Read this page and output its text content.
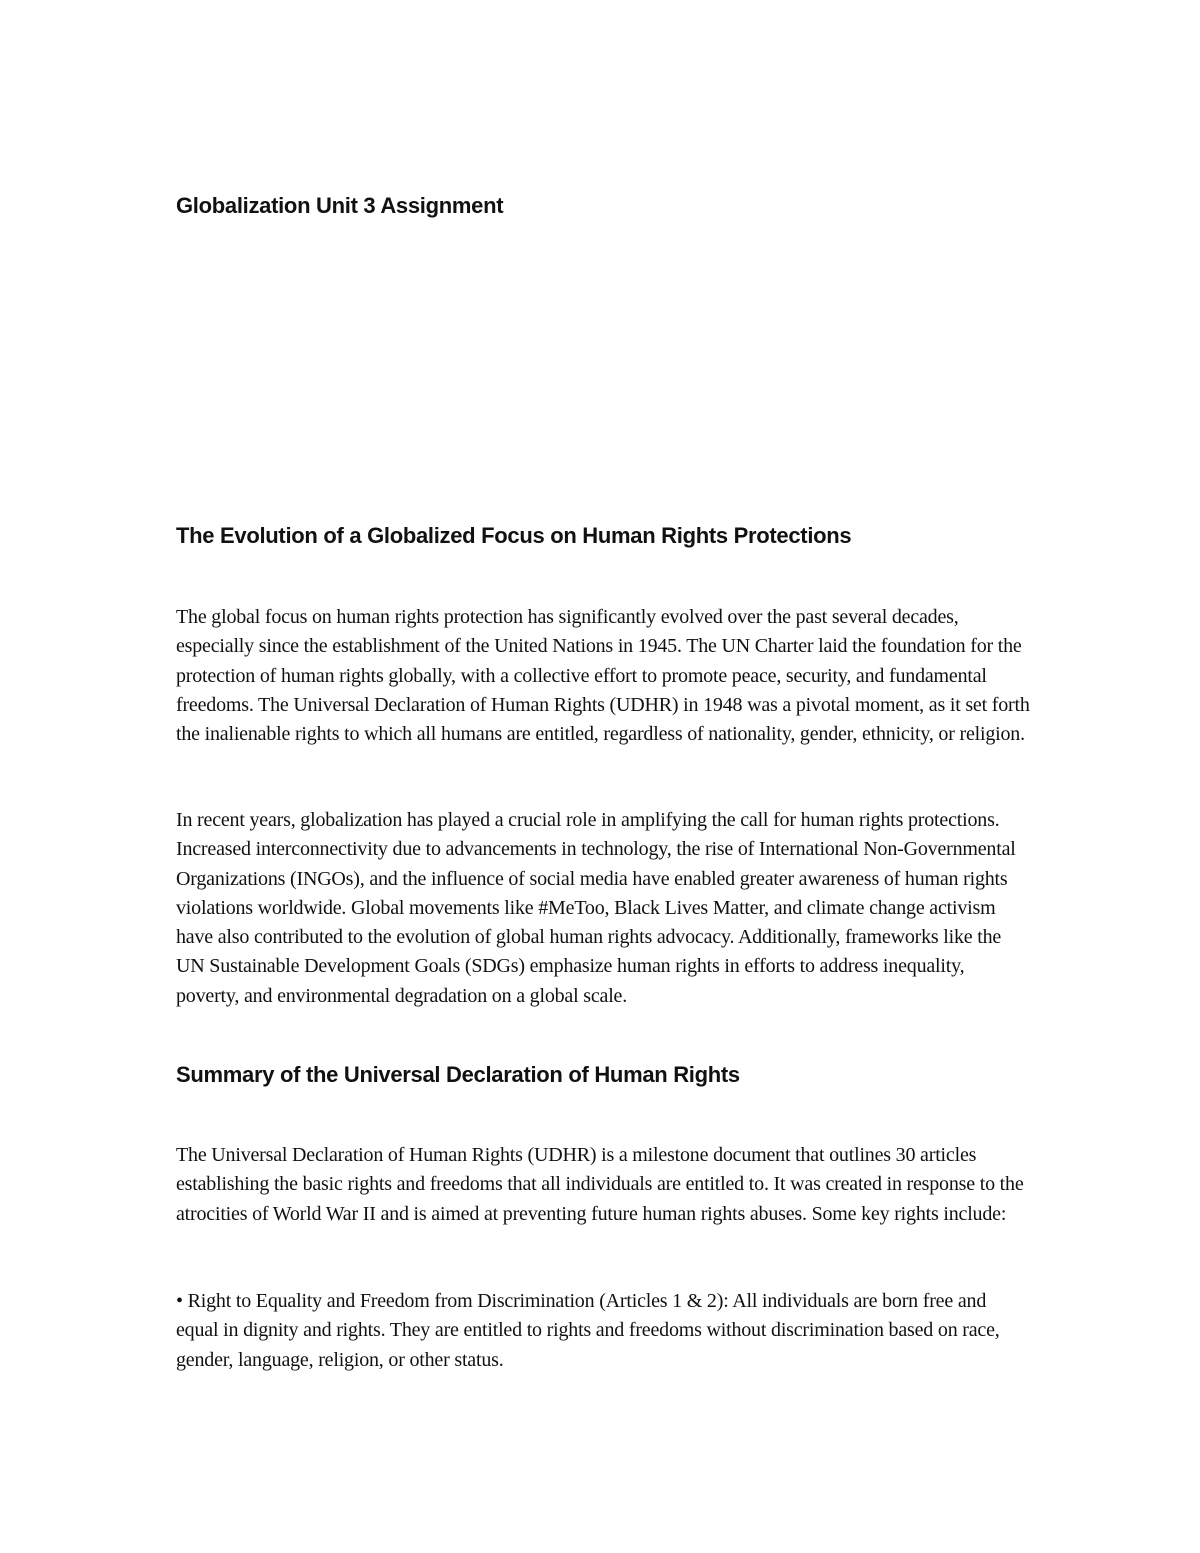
Globalization Unit 3 Assignment
The Evolution of a Globalized Focus on Human Rights Protections

The global focus on human rights protection has significantly evolved over the past several decades, especially since the establishment of the United Nations in 1945. The UN Charter laid the foundation for the protection of human rights globally, with a collective effort to promote peace, security, and fundamental freedoms. The Universal Declaration of Human Rights (UDHR) in 1948 was a pivotal moment, as it set forth the inalienable rights to which all humans are entitled, regardless of nationality, gender, ethnicity, or religion.

In recent years, globalization has played a crucial role in amplifying the call for human rights protections. Increased interconnectivity due to advancements in technology, the rise of International Non-Governmental Organizations (INGOs), and the influence of social media have enabled greater awareness of human rights violations worldwide. Global movements like #MeToo, Black Lives Matter, and climate change activism have also contributed to the evolution of global human rights advocacy. Additionally, frameworks like the UN Sustainable Development Goals (SDGs) emphasize human rights in efforts to address inequality, poverty, and environmental degradation on a global scale.

Summary of the Universal Declaration of Human Rights

The Universal Declaration of Human Rights (UDHR) is a milestone document that outlines 30 articles establishing the basic rights and freedoms that all individuals are entitled to. It was created in response to the atrocities of World War II and is aimed at preventing future human rights abuses. Some key rights include:

• Right to Equality and Freedom from Discrimination (Articles 1 & 2): All individuals are born free and equal in dignity and rights. They are entitled to rights and freedoms without discrimination based on race, gender, language, religion, or other status.
